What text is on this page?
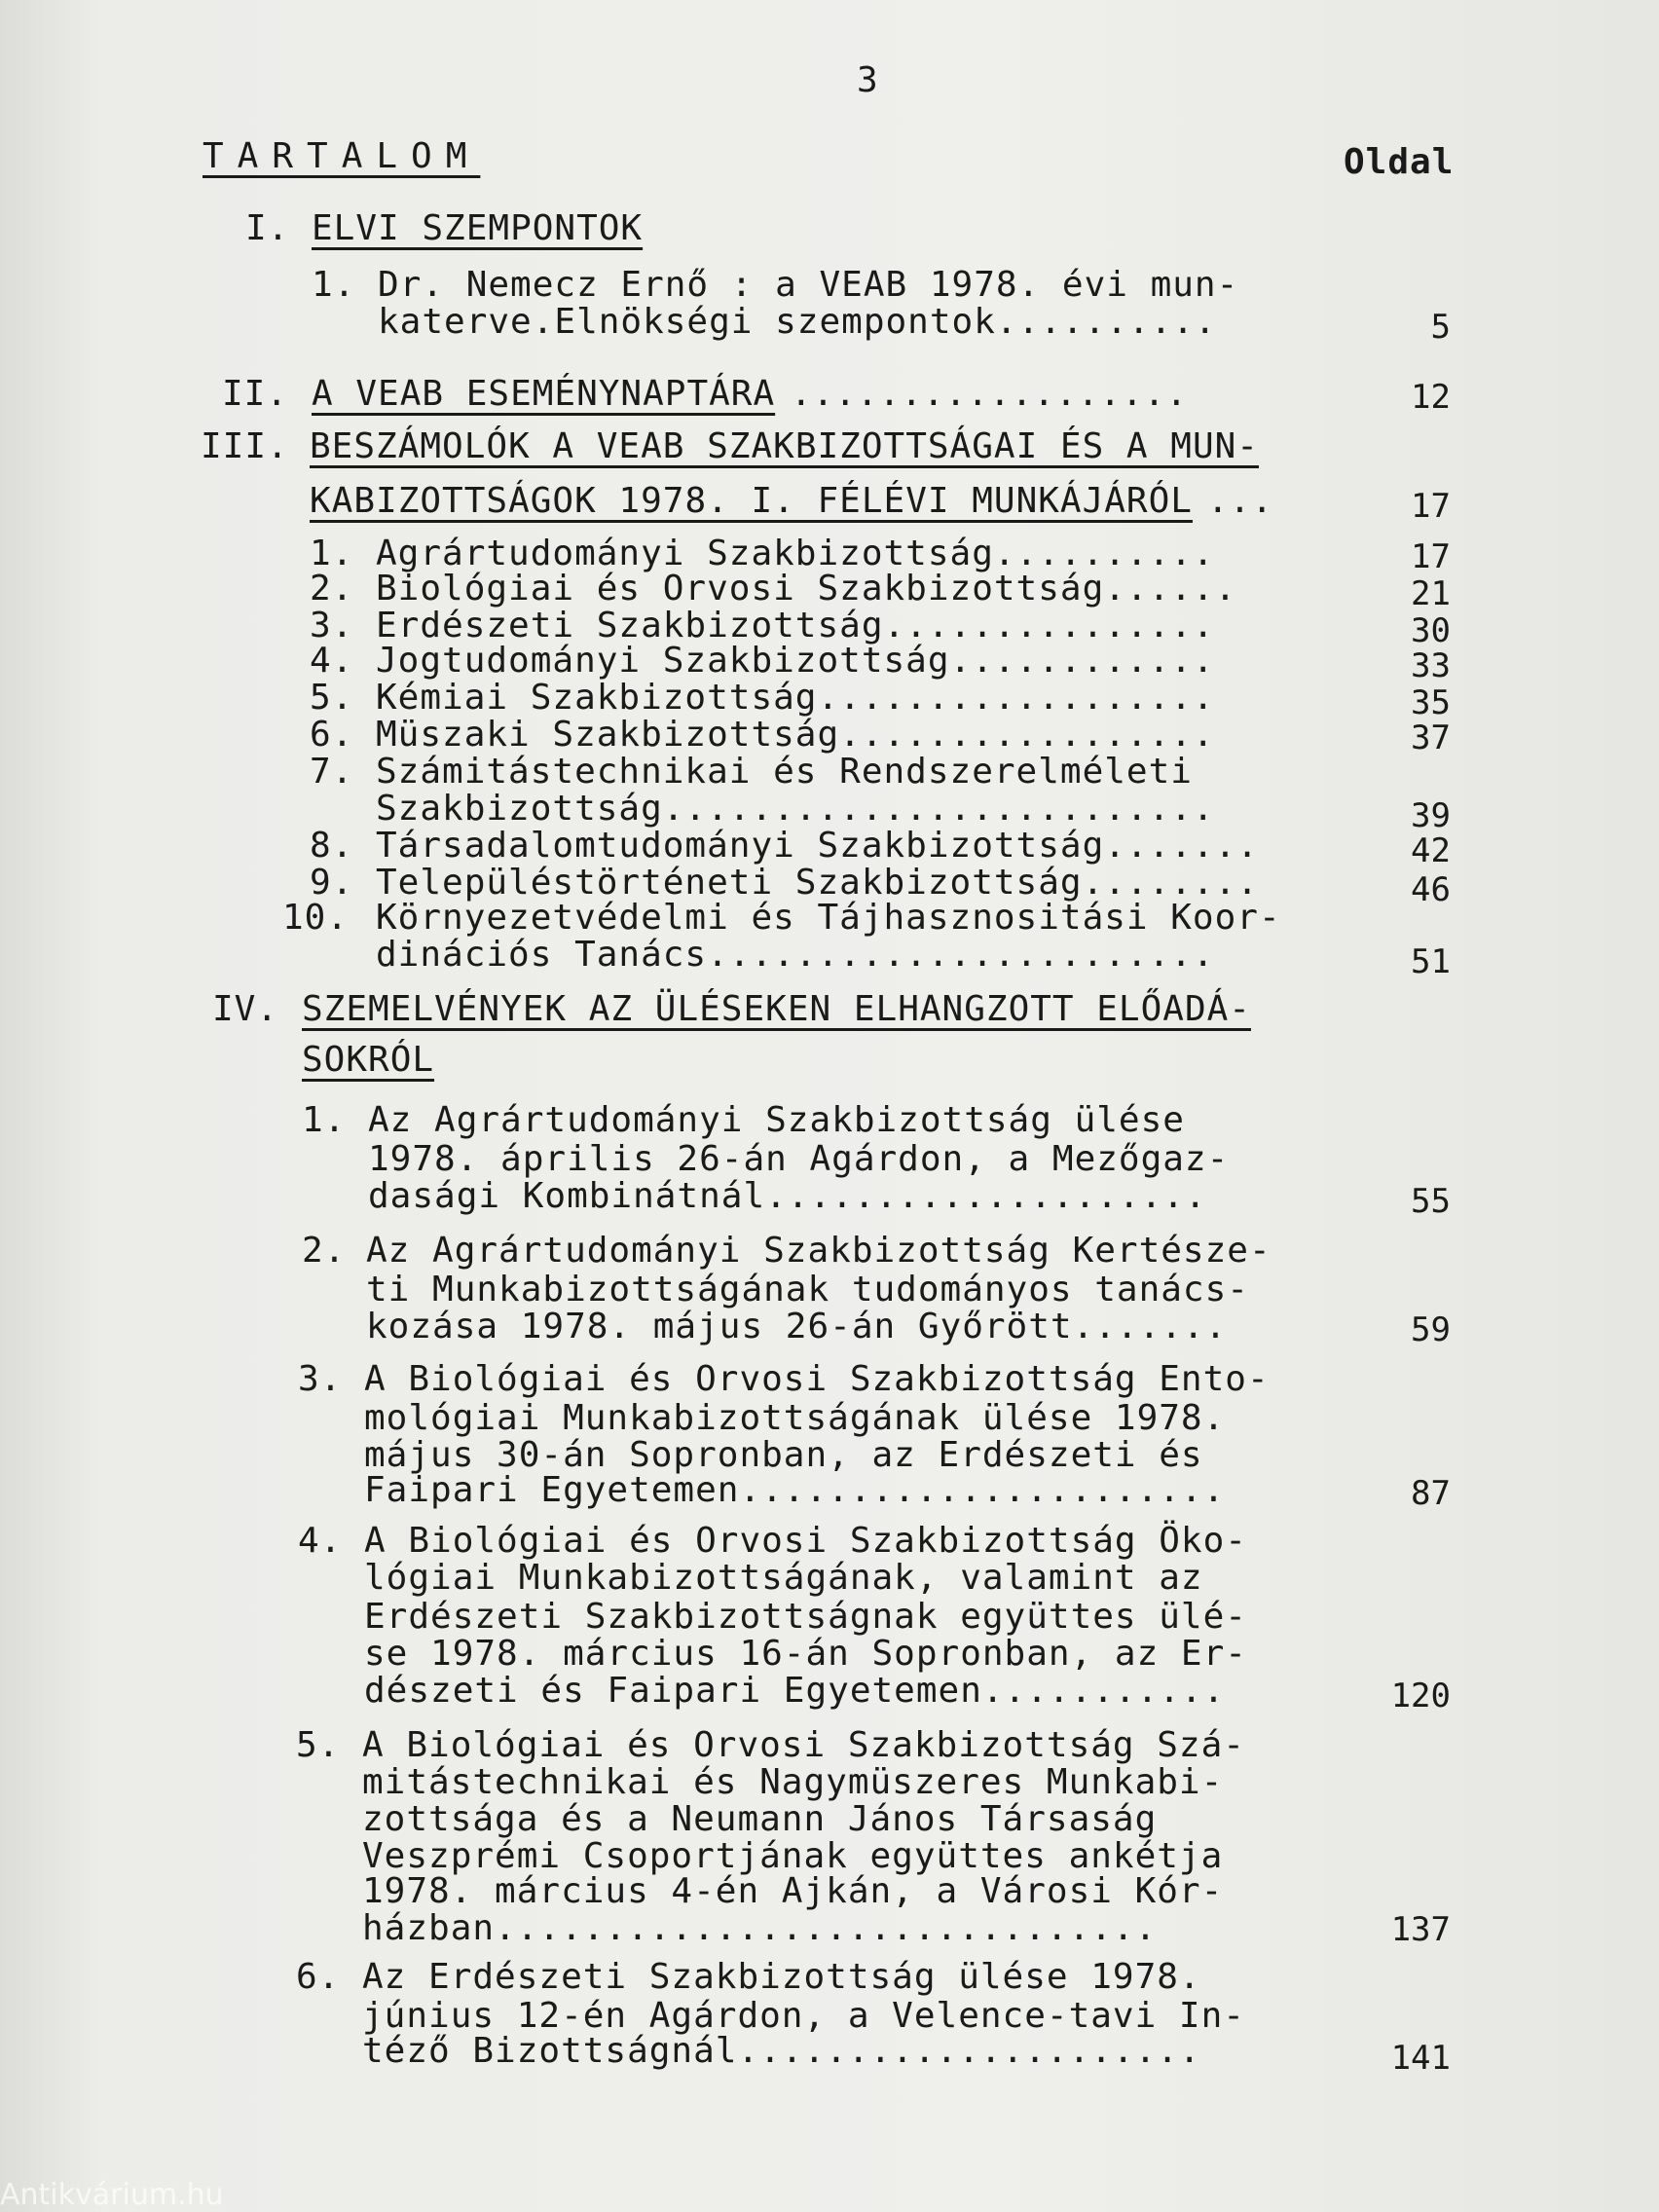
3
TARTALOM	Oldal
I. ELVI SZEMPONTOK
1. Dr. Nemecz Ernő : a VEAB 1978. évi mun-
katerve.Elnökségi szempontok..........	5
II. A VEAB ESEMÉNYNAPTÁRA ..................	12
III. BESZÁMOLÓK A VEAB SZAKBIZOTTSÁGAI ÉS A MUN-
KABIZOTTSÁGOK 1978. I. FÉLÉVI MUNKÁJÁRÓL ...	17
1. Agrártudományi Szakbizottság..........	17
2. Biológiai és Orvosi Szakbizottság......	21
3. Erdészeti Szakbizottság...............	30
4. Jogtudományi Szakbizottság............	33
5. Kémiai Szakbizottság..................	35
6. Müszaki Szakbizottság.................	37
7. Számitástechnikai és Rendszerelméleti
Szakbizottság.........................	39
8. Társadalomtudományi Szakbizottság.......	42
9. Településtörténeti Szakbizottság........	46
10. Környezetvédelmi és Tájhasznositási Koor-
dinációs Tanács.......................	51
IV. SZEMELVÉNYEK AZ ÜLÉSEKEN ELHANGZOTT ELŐADÁ-
SOKRÓL
1. Az Agrártudományi Szakbizottság ülése
1978. április 26-án Agárdon, a Mezőgaz-
dasági Kombinátnál....................	55
2. Az Agrártudományi Szakbizottság Kertésze-
ti Munkabizottságának tudományos tanács-
kozása 1978. május 26-án Győrött.......	59
3. A Biológiai és Orvosi Szakbizottság Ento-
mológiai Munkabizottságának ülése 1978.
május 30-án Sopronban, az Erdészeti és
Faipari Egyetemen......................	87
4. A Biológiai és Orvosi Szakbizottság Öko-
lógiai Munkabizottságának, valamint az
Erdészeti Szakbizottságnak együttes ülé-
se 1978. március 16-án Sopronban, az Er-
dészeti és Faipari Egyetemen...........	120
5. A Biológiai és Orvosi Szakbizottság Szá-
mitástechnikai és Nagymüszeres Munkabi-
zottsága és a Neumann János Társaság
Veszprémi Csoportjának együttes ankétja
1978. március 4-én Ajkán, a Városi Kór-
házban..............................	137
6. Az Erdészeti Szakbizottság ülése 1978.
június 12-én Agárdon, a Velence-tavi In-
téző Bizottságnál.....................	141
Antikvárium.hu
